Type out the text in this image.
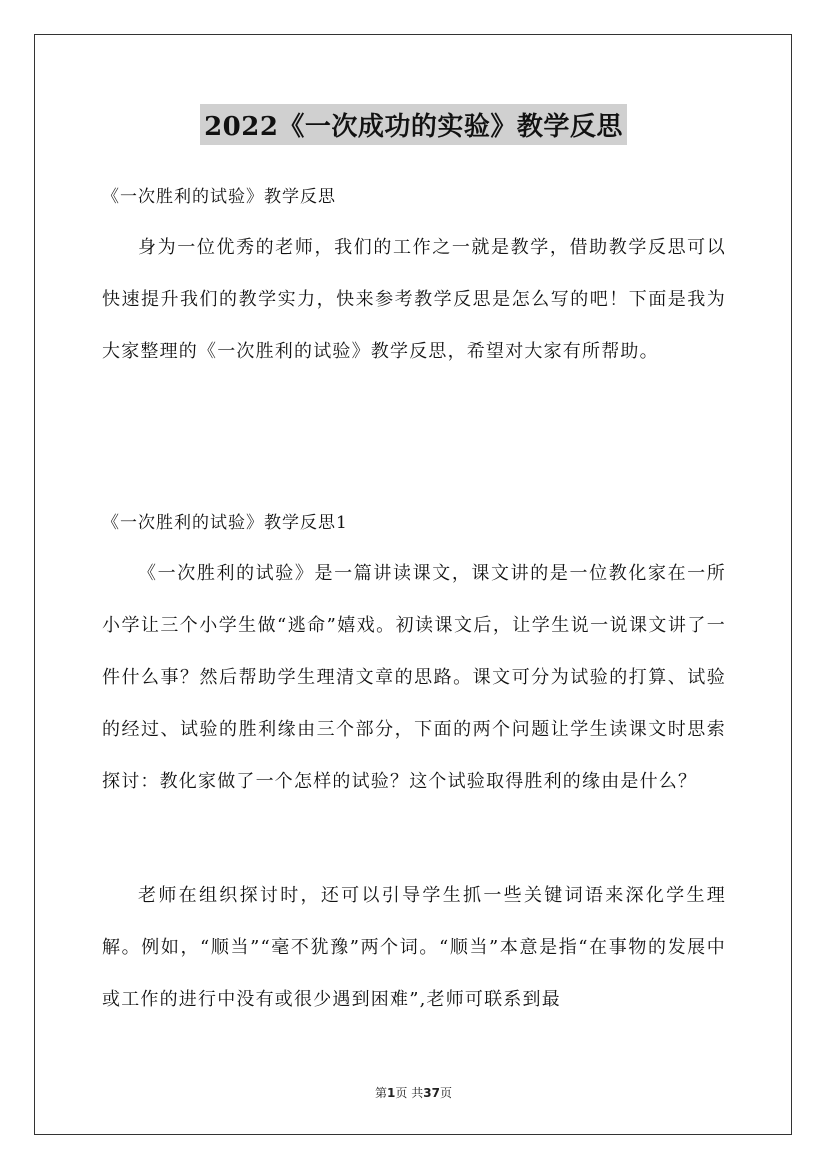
2022《一次成功的实验》教学反思
《一次胜利的试验》教学反思
身为一位优秀的老师，我们的工作之一就是教学，借助教学反思可以快速提升我们的教学实力，快来参考教学反思是怎么写的吧！下面是我为大家整理的《一次胜利的试验》教学反思，希望对大家有所帮助。
《一次胜利的试验》教学反思1
《一次胜利的试验》是一篇讲读课文，课文讲的是一位教化家在一所小学让三个小学生做“逃命”嬉戏。初读课文后，让学生说一说课文讲了一件什么事？然后帮助学生理清文章的思路。课文可分为试验的打算、试验的经过、试验的胜利缘由三个部分，下面的两个问题让学生读课文时思索探讨：教化家做了一个怎样的试验？这个试验取得胜利的缘由是什么？
老师在组织探讨时，还可以引导学生抓一些关键词语来深化学生理解。例如，“顺当”“毫不犹豫”两个词。“顺当”本意是指“在事物的发展中或工作的进行中没有或很少遇到困难”,老师可联系到最
第1页 共37页
